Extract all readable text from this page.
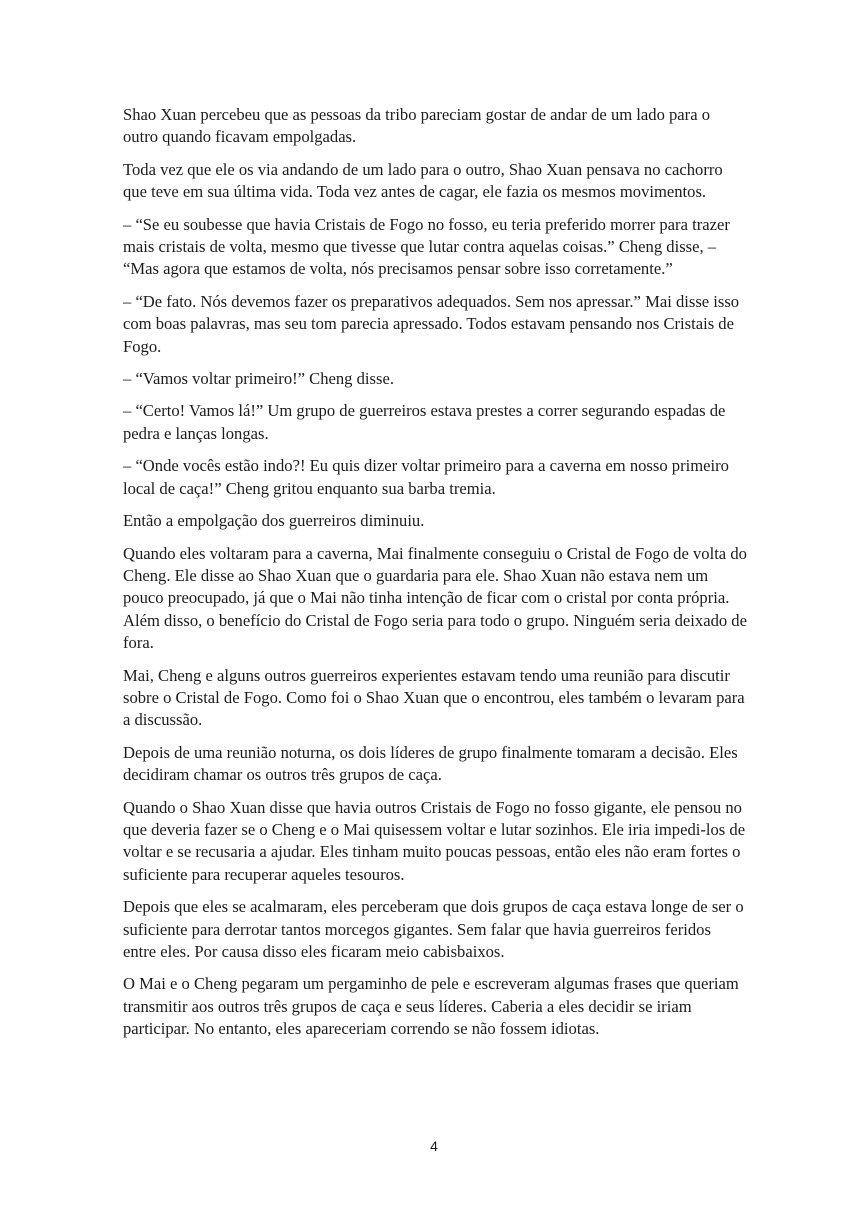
Shao Xuan percebeu que as pessoas da tribo pareciam gostar de andar de um lado para o outro quando ficavam empolgadas.

Toda vez que ele os via andando de um lado para o outro, Shao Xuan pensava no cachorro que teve em sua última vida. Toda vez antes de cagar, ele fazia os mesmos movimentos.

– “Se eu soubesse que havia Cristais de Fogo no fosso, eu teria preferido morrer para trazer mais cristais de volta, mesmo que tivesse que lutar contra aquelas coisas.” Cheng disse, – “Mas agora que estamos de volta, nós precisamos pensar sobre isso corretamente.”

– “De fato. Nós devemos fazer os preparativos adequados. Sem nos apressar.” Mai disse isso com boas palavras, mas seu tom parecia apressado. Todos estavam pensando nos Cristais de Fogo.

– “Vamos voltar primeiro!” Cheng disse.

– “Certo! Vamos lá!” Um grupo de guerreiros estava prestes a correr segurando espadas de pedra e lanças longas.

– “Onde vocês estão indo?! Eu quis dizer voltar primeiro para a caverna em nosso primeiro local de caça!” Cheng gritou enquanto sua barba tremia.

Então a empolgação dos guerreiros diminuiu.

Quando eles voltaram para a caverna, Mai finalmente conseguiu o Cristal de Fogo de volta do Cheng. Ele disse ao Shao Xuan que o guardaria para ele. Shao Xuan não estava nem um pouco preocupado, já que o Mai não tinha intenção de ficar com o cristal por conta própria. Além disso, o benefício do Cristal de Fogo seria para todo o grupo. Ninguém seria deixado de fora.

Mai, Cheng e alguns outros guerreiros experientes estavam tendo uma reunião para discutir sobre o Cristal de Fogo. Como foi o Shao Xuan que o encontrou, eles também o levaram para a discussão.

Depois de uma reunião noturna, os dois líderes de grupo finalmente tomaram a decisão. Eles decidiram chamar os outros três grupos de caça.

Quando o Shao Xuan disse que havia outros Cristais de Fogo no fosso gigante, ele pensou no que deveria fazer se o Cheng e o Mai quisessem voltar e lutar sozinhos. Ele iria impedi-los de voltar e se recusaria a ajudar. Eles tinham muito poucas pessoas, então eles não eram fortes o suficiente para recuperar aqueles tesouros.

Depois que eles se acalmaram, eles perceberam que dois grupos de caça estava longe de ser o suficiente para derrotar tantos morcegos gigantes. Sem falar que havia guerreiros feridos entre eles. Por causa disso eles ficaram meio cabisbaixos.

O Mai e o Cheng pegaram um pergaminho de pele e escreveram algumas frases que queriam transmitir aos outros três grupos de caça e seus líderes. Caberia a eles decidir se iriam participar. No entanto, eles apareceriam correndo se não fossem idiotas.

4
